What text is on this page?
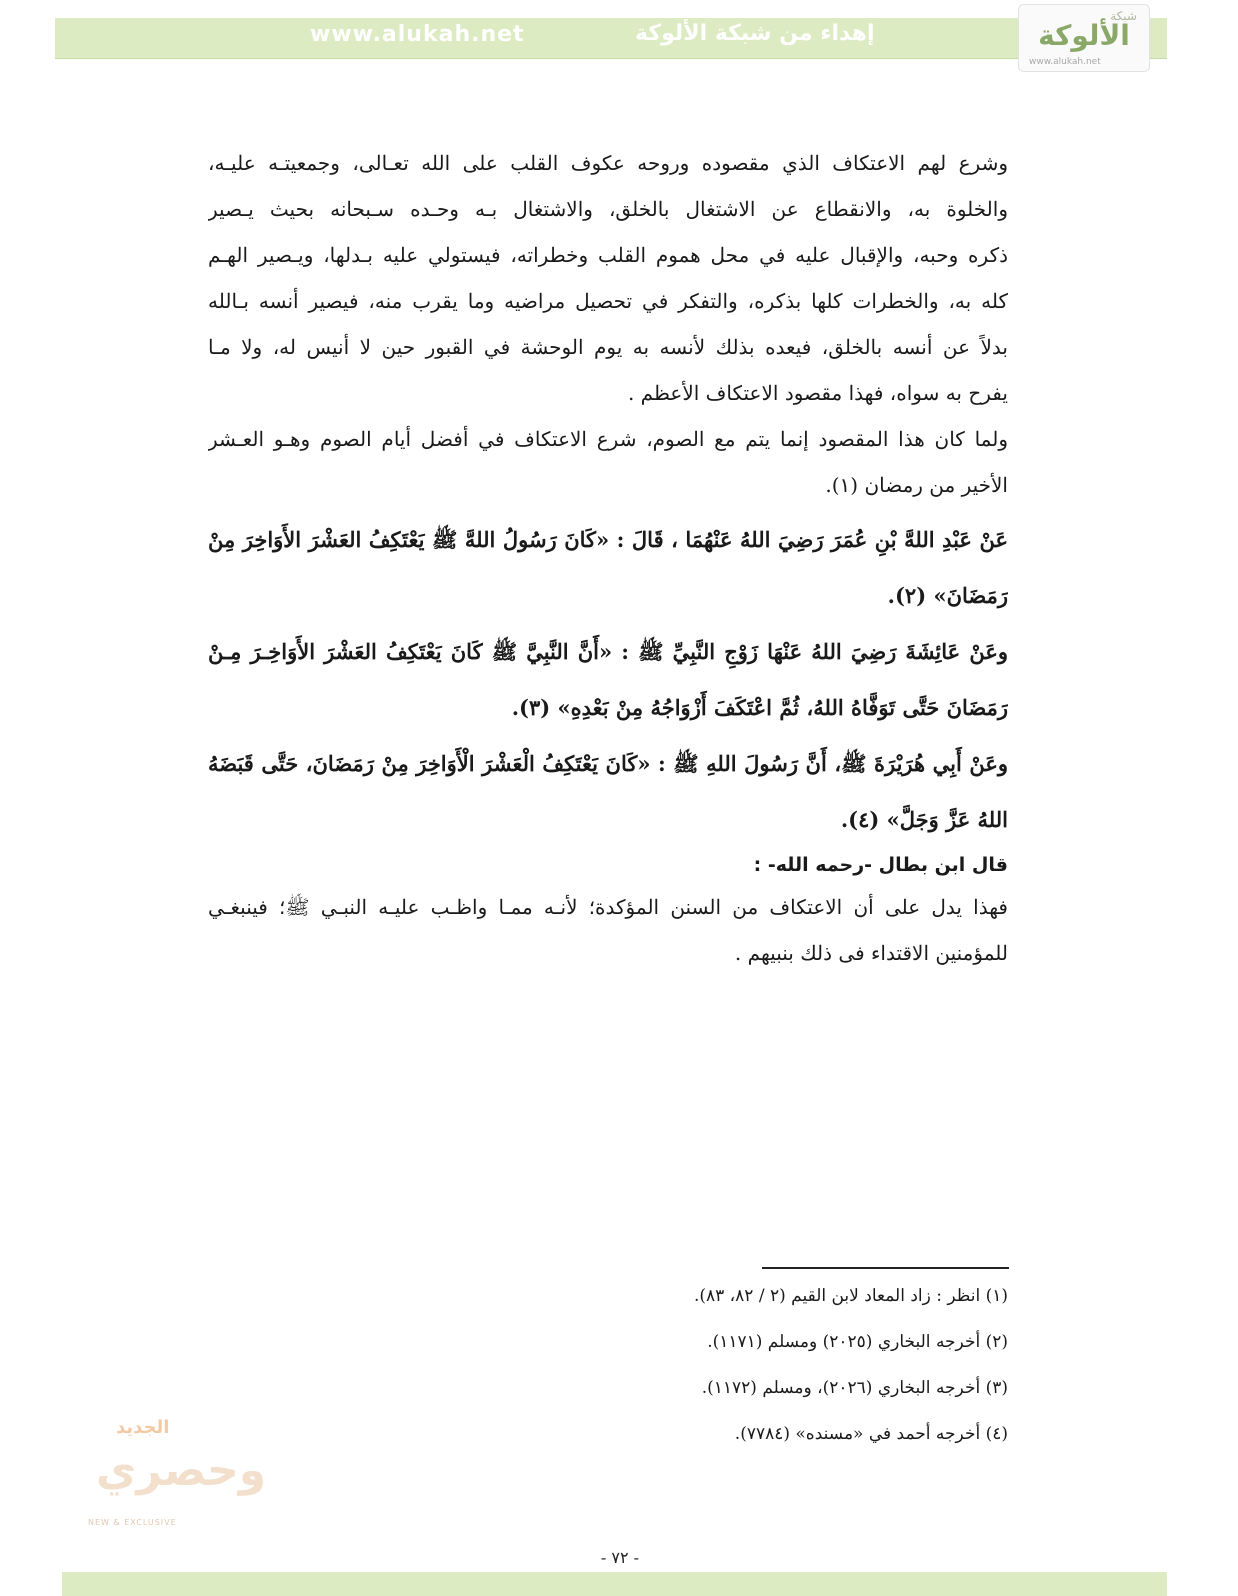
www.alukah.net	إهداء من شبكة الألوكة
شبكة
الألوكة
www.alukah.net
وشرع لهم الاعتكاف الذي مقصوده وروحه عكوف القلب على الله تعـالى، وجمعيتـه عليـه،
والخلوة به، والانقطاع عن الاشتغال بالخلق، والاشتغال بـه وحـده سـبحانه بحيث يـصير
ذكره وحبه، والإقبال عليه في محل هموم القلب وخطراته، فيستولي عليه بـدلها، ويـصير الهـم
كله به، والخطرات كلها بذكره، والتفكر في تحصيل مراضيه وما يقرب منه، فيصير أنسه بـالله
بدلاً عن أنسه بالخلق، فيعده بذلك لأنسه به يوم الوحشة في القبور حين لا أنيس له، ولا مـا
يفرح به سواه، فهذا مقصود الاعتكاف الأعظم .
ولما كان هذا المقصود إنما يتم مع الصوم، شرع الاعتكاف في أفضل أيام الصوم وهـو العـشر
الأخير من رمضان (١).
عَنْ عَبْدِ اللهَّ بْنِ عُمَرَ رَضِيَ اللهُ عَنْهُمَا ، قَالَ : «كَانَ رَسُولُ اللهَّ ﷺ يَعْتَكِفُ العَشْرَ الأَوَاخِرَ مِنْ
رَمَضَانَ» (٢).
وعَنْ عَائِشَةَ رَضِيَ اللهُ عَنْهَا زَوْجِ النَّبِيِّ ﷺ : «أَنَّ النَّبِيَّ ﷺ كَانَ يَعْتَكِفُ العَشْرَ الأَوَاخِـرَ مِـنْ
رَمَضَانَ حَتَّى تَوَفَّاهُ اللهُ، ثُمَّ اعْتَكَفَ أَزْوَاجُهُ مِنْ بَعْدِهِ» (٣).
وعَنْ أَبِي هُرَيْرَةَ ﷺ، أَنَّ رَسُولَ اللهِ ﷺ : «كَانَ يَعْتَكِفُ الْعَشْرَ الْأَوَاخِرَ مِنْ رَمَضَانَ، حَتَّى قَبَضَهُ
اللهُ عَزَّ وَجَلَّ» (٤).
قال ابن بطال -رحمه الله- :
فهذا يدل على أن الاعتكاف من السنن المؤكدة؛ لأنـه ممـا واظـب عليـه النبـي ﷺ؛ فينبغـي
للمؤمنين الاقتداء فى ذلك بنبيهم .
(١) انظر : زاد المعاد لابن القيم (٢ / ٨٢، ٨٣).
(٢) أخرجه البخاري (٢٠٢٥) ومسلم (١١٧١).
(٣) أخرجه البخاري (٢٠٢٦)، ومسلم (١١٧٢).
(٤) أخرجه أحمد في «مسنده» (٧٧٨٤).
الجديد
وحصري
NEW & EXCLUSIVE
- ٧٢ -
